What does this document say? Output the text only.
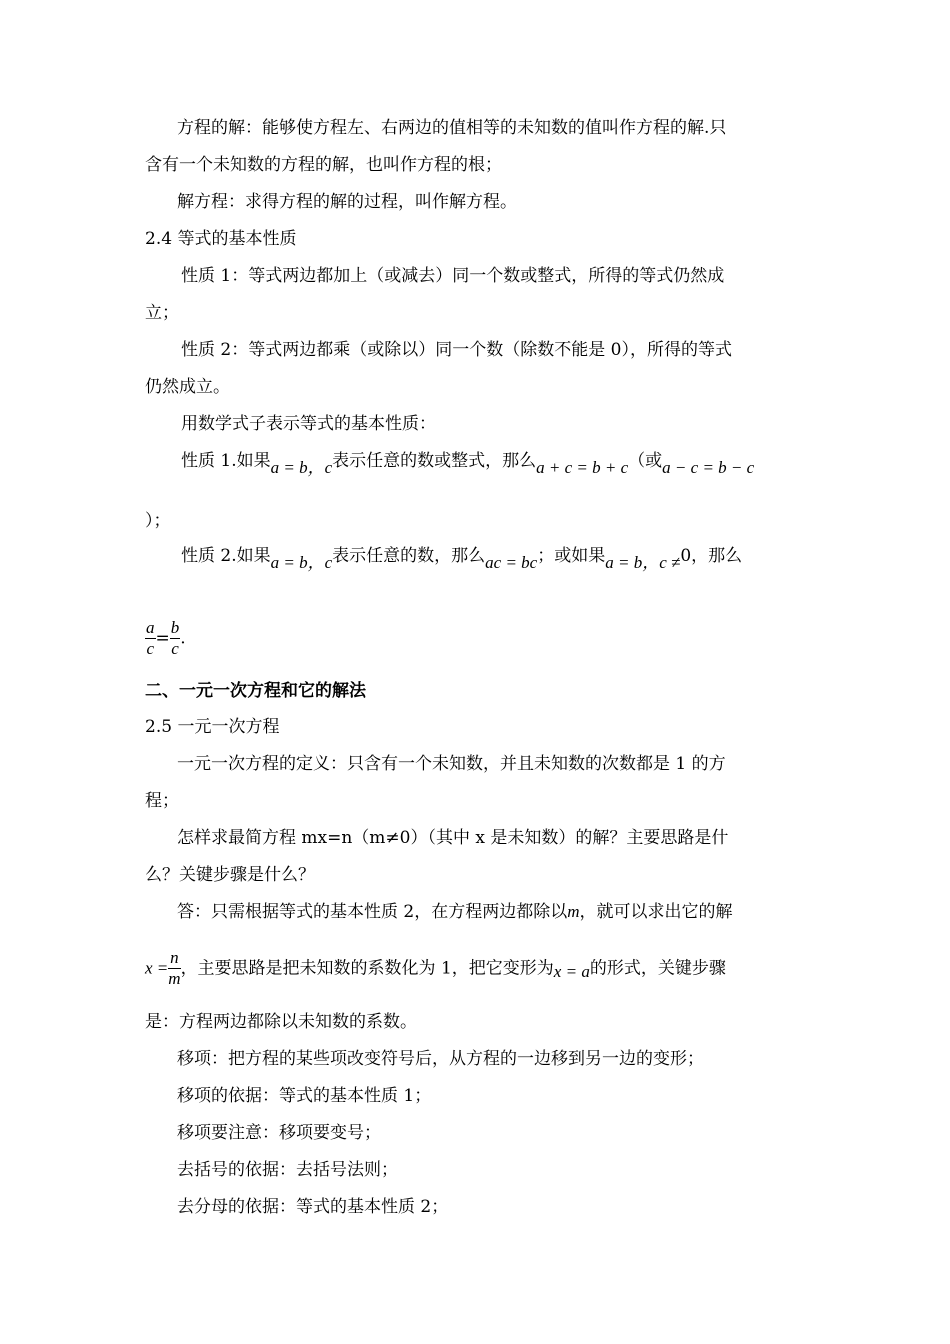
方程的解：能够使方程左、右两边的值相等的未知数的值叫作方程的解.只
含有一个未知数的方程的解，也叫作方程的根；
解方程：求得方程的解的过程，叫作解方程。
2.4 等式的基本性质
性质 1：等式两边都加上（或减去）同一个数或整式，所得的等式仍然成
立；
性质 2：等式两边都乘（或除以）同一个数（除数不能是 0），所得的等式
仍然成立。
用数学式子表示等式的基本性质：
性质 1.如果a = b，c表示任意的数或整式，那么a + c = b + c（或a − c = b − c
）；
性质 2.如果a = b，c表示任意的数，那么ac = bc；或如果a = b，c ≠0，那么
$\frac{a}{c} = \frac{b}{c}$ .
二、一元一次方程和它的解法
2.5 一元一次方程
一元一次方程的定义：只含有一个未知数，并且未知数的次数都是 1 的方
程；
怎样求最简方程 mx=n（m≠0）（其中 x 是未知数）的解？主要思路是什
么？关键步骤是什么？
答：只需根据等式的基本性质 2，在方程两边都除以m，就可以求出它的解
$x = \frac{n}{m}$ ，主要思路是把未知数的系数化为 1，把它变形为x = a的形式，关键步骤
是：方程两边都除以未知数的系数。
移项：把方程的某些项改变符号后，从方程的一边移到另一边的变形；
移项的依据：等式的基本性质 1；
移项要注意：移项要变号；
去括号的依据：去括号法则；
去分母的依据：等式的基本性质 2；
